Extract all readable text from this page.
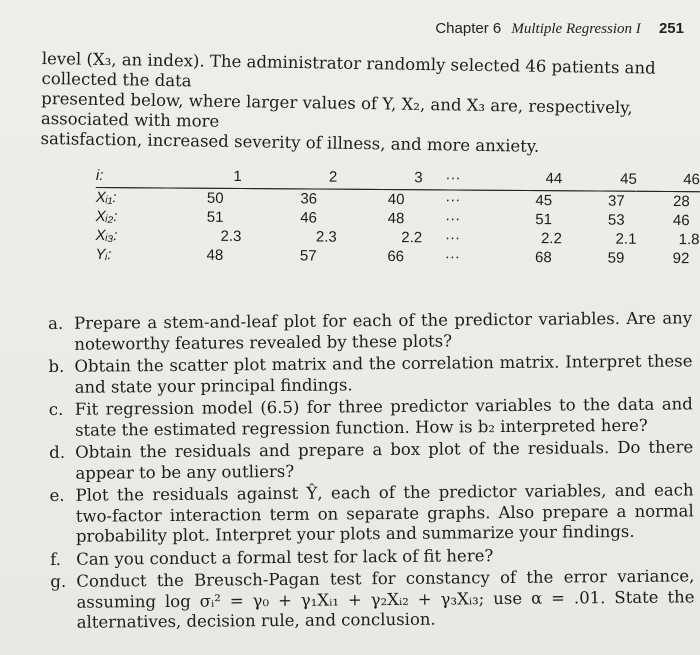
Chapter 6 Multiple Regression I 251

level (X₃, an index). The administrator randomly selected 46 patients and collected the data

presented below, where larger values of Y, X₂, and X₃ are, respectively, associated with more

satisfaction, increased severity of illness, and more anxiety.

i:	1	2	3	···	44	45	46
Xᵢ₁:	50	36	40	···	45	37	28
Xᵢ₂:	51	46	48	···	51	53	46
Xᵢ₃:	2.3	2.3	2.2	···	2.2	2.1	1.8
Yᵢ:	48	57	66	···	68	59	92
a. Prepare a stem-and-leaf plot for each of the predictor variables. Are any noteworthy features revealed by these plots?
b. Obtain the scatter plot matrix and the correlation matrix. Interpret these and state your principal findings.
c. Fit regression model (6.5) for three predictor variables to the data and state the estimated regression function. How is b₂ interpreted here?
d. Obtain the residuals and prepare a box plot of the residuals. Do there appear to be any outliers?
e. Plot the residuals against Ŷ, each of the predictor variables, and each two-factor interaction term on separate graphs. Also prepare a normal probability plot. Interpret your plots and summarize your findings.
f. Can you conduct a formal test for lack of fit here?
g. Conduct the Breusch-Pagan test for constancy of the error variance, assuming log σᵢ² = γ₀ + γ₁Xᵢ₁ + γ₂Xᵢ₂ + γ₃Xᵢ₃; use α = .01. State the alternatives, decision rule, and conclusion.
